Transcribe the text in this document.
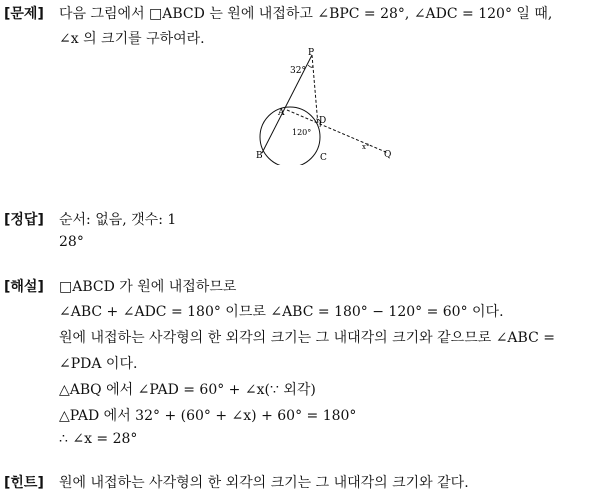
[문제] 다음 그림에서 □ABCD 는 원에 내접하고 ∠BPC = 28°, ∠ADC = 120° 일 때,
∠x 의 크기를 구하여라.
P
A
D
B	C	Q
32°
120°
x°
[정답] 순서: 없음, 갯수: 1
28°
[해설] □ABCD 가 원에 내접하므로
∠ABC + ∠ADC = 180° 이므로 ∠ABC = 180° − 120° = 60° 이다.
원에 내접하는 사각형의 한 외각의 크기는 그 내대각의 크기와 같으므로 ∠ABC =
∠PDA 이다.
△ABQ 에서 ∠PAD = 60° + ∠x(∵ 외각)
△PAD 에서 32° + (60° + ∠x) + 60° = 180°
∴ ∠x = 28°
[힌트] 원에 내접하는 사각형의 한 외각의 크기는 그 내대각의 크기와 같다.
